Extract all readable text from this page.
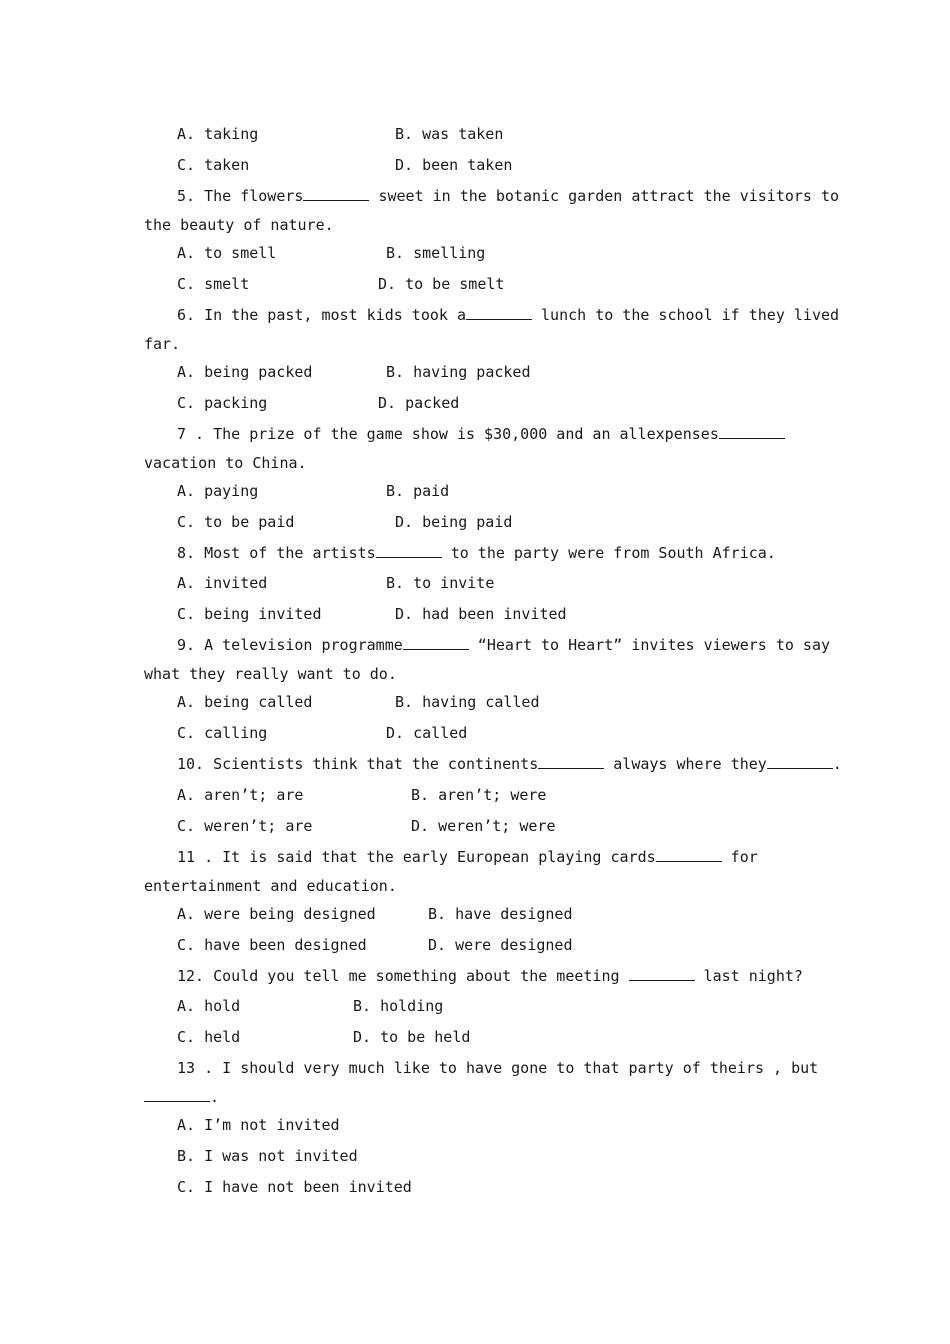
A. taking	B. was taken
C. taken	D. been taken
5. The flowers	sweet in the botanic garden attract the visitors to
the beauty of nature.
A. to smell	B. smelling
C. smelt	D. to be smelt
6. In the past, most kids took a	lunch to the school if they lived
far.
A. being packed	B. having packed
C. packing	D. packed
7 . The prize of the game show is $30,000 and an allexpenses
vacation to China.
A. paying	B. paid
C. to be paid	D. being paid
8. Most of the artists	to the party were from South Africa.
A. invited	B. to invite
C. being invited	D. had been invited
9. A television programme	“Heart to Heart” invites viewers to say
what they really want to do.
A. being called	B. having called
C. calling	D. called
10. Scientists think that the continents	always where they	.
A. aren’t; are	B. aren’t; were
C. weren’t; are	D. weren’t; were
11 . It is said that the early European playing cards	for
entertainment and education.
A. were being designed	B. have designed
C. have been designed	D. were designed
12. Could you tell me something about the meeting	last night?
A. hold	B. holding
C. held	D. to be held
13 . I should very much like to have gone to that party of theirs , but
.
A. I’m not invited
B. I was not invited
C. I have not been invited
